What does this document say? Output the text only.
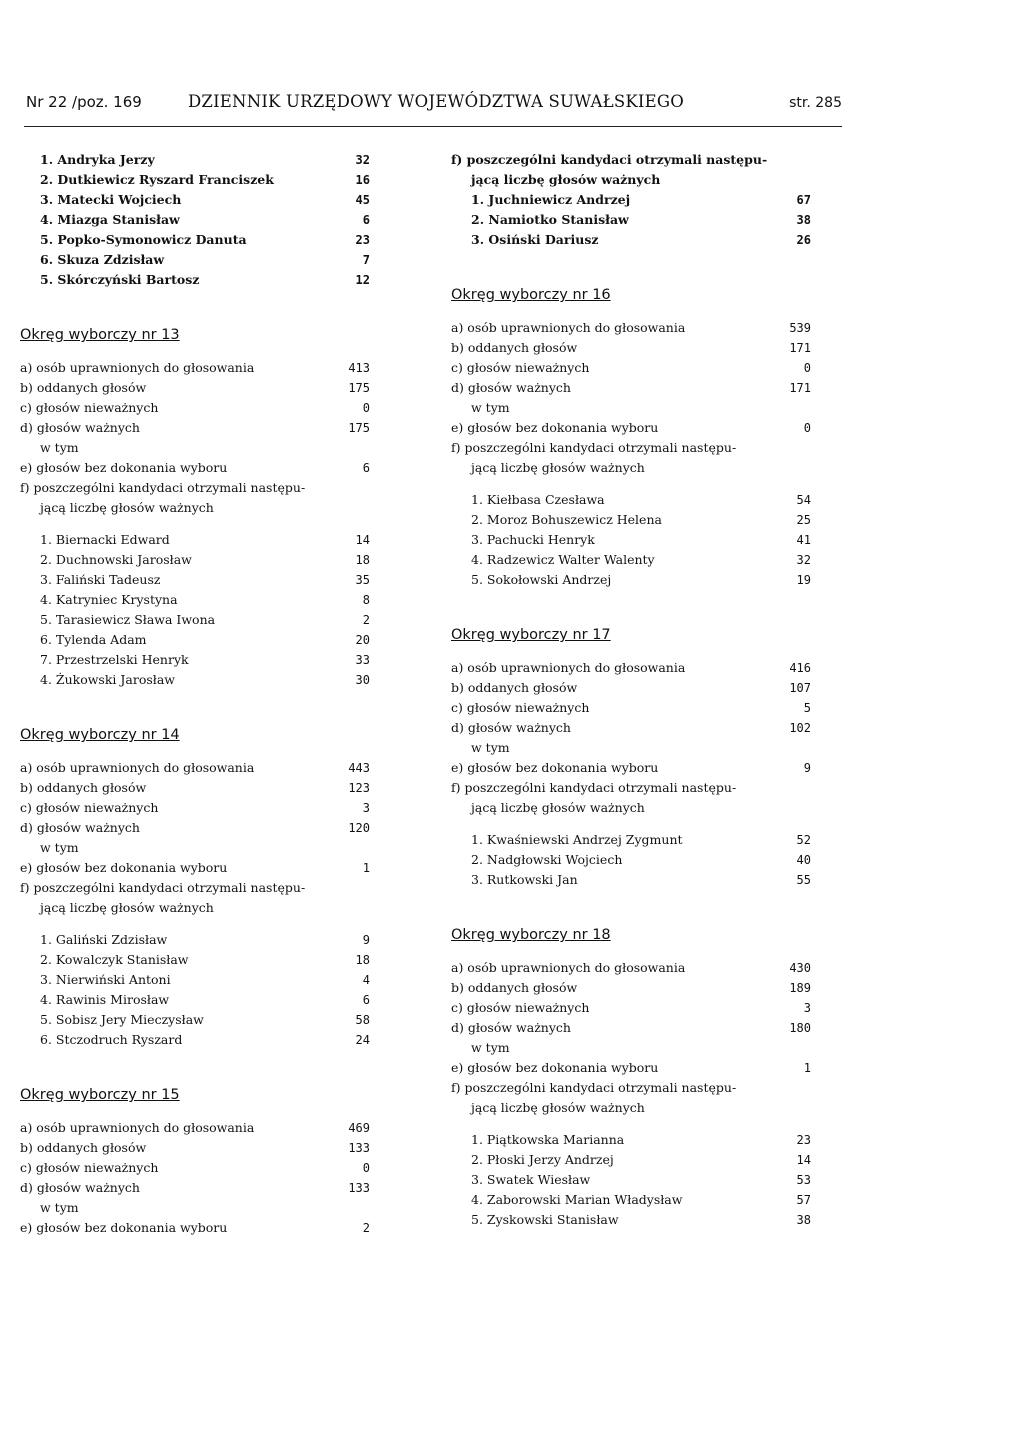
Nr 22 /poz. 169	DZIENNIK URZĘDOWY WOJEWÓDZTWA SUWAŁSKIEGO	str. 285
1. Andryka Jerzy	32
2. Dutkiewicz Ryszard Franciszek	16
3. Matecki Wojciech	45
4. Miazga Stanisław	6
5. Popko-Symonowicz Danuta	23
6. Skuza Zdzisław	7
5. Skórczyński Bartosz	12
Okręg wyborczy nr 13
a) osób uprawnionych do głosowania	413
b) oddanych głosów	175
c) głosów nieważnych	0
d) głosów ważnych	175
w tym
e) głosów bez dokonania wyboru	6
f) poszczególni kandydaci otrzymali następu-
jącą liczbę głosów ważnych
1. Biernacki Edward	14
2. Duchnowski Jarosław	18
3. Faliński Tadeusz	35
4. Katryniec Krystyna	8
5. Tarasiewicz Sława Iwona	2
6. Tylenda Adam	20
7. Przestrzelski Henryk	33
4. Żukowski Jarosław	30
Okręg wyborczy nr 14
a) osób uprawnionych do głosowania	443
b) oddanych głosów	123
c) głosów nieważnych	3
d) głosów ważnych	120
w tym
e) głosów bez dokonania wyboru	1
f) poszczególni kandydaci otrzymali następu-
jącą liczbę głosów ważnych
1. Galiński Zdzisław	9
2. Kowalczyk Stanisław	18
3. Nierwiński Antoni	4
4. Rawinis Mirosław	6
5. Sobisz Jery Mieczysław	58
6. Stczodruch Ryszard	24
Okręg wyborczy nr 15
a) osób uprawnionych do głosowania	469
b) oddanych głosów	133
c) głosów nieważnych	0
d) głosów ważnych	133
w tym
e) głosów bez dokonania wyboru	2
f) poszczególni kandydaci otrzymali następu-
jącą liczbę głosów ważnych
1. Juchniewicz Andrzej	67
2. Namiotko Stanisław	38
3. Osiński Dariusz	26
Okręg wyborczy nr 16
a) osób uprawnionych do głosowania	539
b) oddanych głosów	171
c) głosów nieważnych	0
d) głosów ważnych	171
w tym
e) głosów bez dokonania wyboru	0
f) poszczególni kandydaci otrzymali następu-
jącą liczbę głosów ważnych
1. Kiełbasa Czesława	54
2. Moroz Bohuszewicz Helena	25
3. Pachucki Henryk	41
4. Radzewicz Walter Walenty	32
5. Sokołowski Andrzej	19
Okręg wyborczy nr 17
a) osób uprawnionych do głosowania	416
b) oddanych głosów	107
c) głosów nieważnych	5
d) głosów ważnych	102
w tym
e) głosów bez dokonania wyboru	9
f) poszczególni kandydaci otrzymali następu-
jącą liczbę głosów ważnych
1. Kwaśniewski Andrzej Zygmunt	52
2. Nadgłowski Wojciech	40
3. Rutkowski Jan	55
Okręg wyborczy nr 18
a) osób uprawnionych do głosowania	430
b) oddanych głosów	189
c) głosów nieważnych	3
d) głosów ważnych	180
w tym
e) głosów bez dokonania wyboru	1
f) poszczególni kandydaci otrzymali następu-
jącą liczbę głosów ważnych
1. Piątkowska Marianna	23
2. Płoski Jerzy Andrzej	14
3. Swatek Wiesław	53
4. Zaborowski Marian Władysław	57
5. Zyskowski Stanisław	38
